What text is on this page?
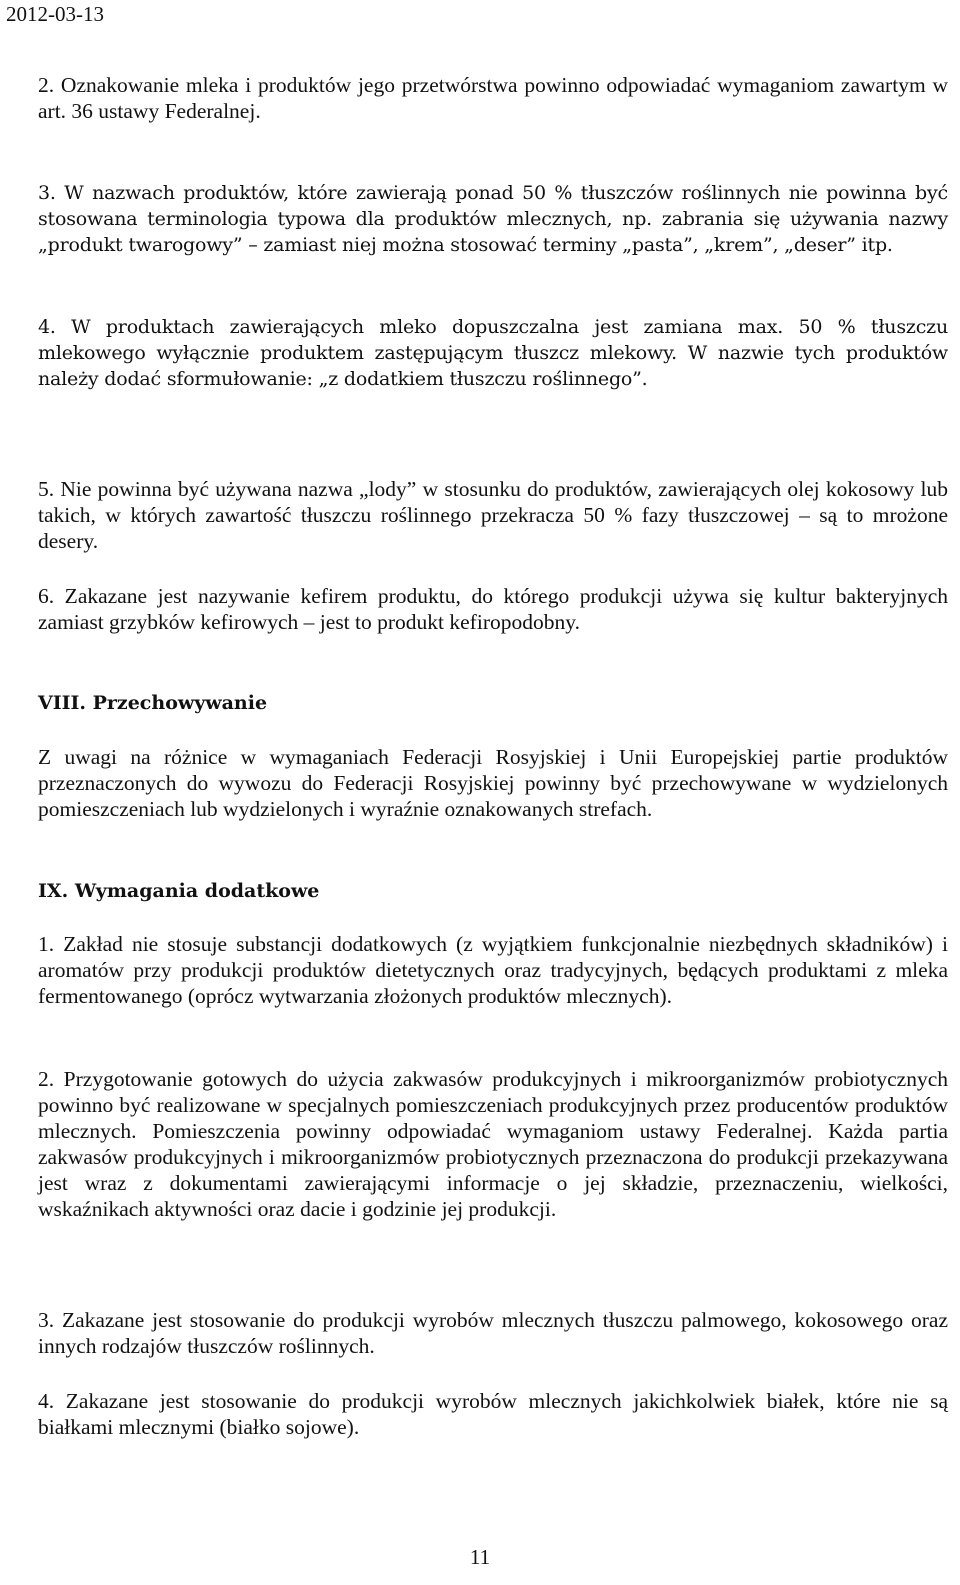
2012-03-13

2. Oznakowanie mleka i produktów jego przetwórstwa powinno odpowiadać wymaganiom zawartym w art. 36 ustawy Federalnej.

3. W nazwach produktów, które zawierają ponad 50 % tłuszczów roślinnych nie powinna być stosowana terminologia typowa dla produktów mlecznych, np. zabrania się używania nazwy „produkt twarogowy” – zamiast niej można stosować terminy „pasta”, „krem”, „deser” itp.

4. W produktach zawierających mleko dopuszczalna jest zamiana max. 50 % tłuszczu mlekowego wyłącznie produktem zastępującym tłuszcz mlekowy. W nazwie tych produktów należy dodać sformułowanie: „z dodatkiem tłuszczu roślinnego”.

5. Nie powinna być używana nazwa „lody” w stosunku do produktów, zawierających olej kokosowy lub takich, w których zawartość tłuszczu roślinnego przekracza 50 % fazy tłuszczowej – są to mrożone desery.

6. Zakazane jest nazywanie kefirem produktu, do którego produkcji używa się kultur bakteryjnych zamiast grzybków kefirowych – jest to produkt kefiropodobny.

VIII. Przechowywanie

Z uwagi na różnice w wymaganiach Federacji Rosyjskiej i Unii Europejskiej partie produktów przeznaczonych do wywozu do Federacji Rosyjskiej powinny być przechowywane w wydzielonych pomieszczeniach lub wydzielonych i wyraźnie oznakowanych strefach.

IX. Wymagania dodatkowe

1. Zakład nie stosuje substancji dodatkowych (z wyjątkiem funkcjonalnie niezbędnych składników) i aromatów przy produkcji produktów dietetycznych oraz tradycyjnych, będących produktami z mleka fermentowanego (oprócz wytwarzania złożonych produktów mlecznych).

2. Przygotowanie gotowych do użycia zakwasów produkcyjnych i mikroorganizmów probiotycznych powinno być realizowane w specjalnych pomieszczeniach produkcyjnych przez producentów produktów mlecznych. Pomieszczenia powinny odpowiadać wymaganiom ustawy Federalnej. Każda partia zakwasów produkcyjnych i mikroorganizmów probiotycznych przeznaczona do produkcji przekazywana jest wraz z dokumentami zawierającymi informacje o jej składzie, przeznaczeniu, wielkości, wskaźnikach aktywności oraz dacie i godzinie jej produkcji.

3. Zakazane jest stosowanie do produkcji wyrobów mlecznych tłuszczu palmowego, kokosowego oraz innych rodzajów tłuszczów roślinnych.

4. Zakazane jest stosowanie do produkcji wyrobów mlecznych jakichkolwiek białek, które nie są białkami mlecznymi (białko sojowe).

11
